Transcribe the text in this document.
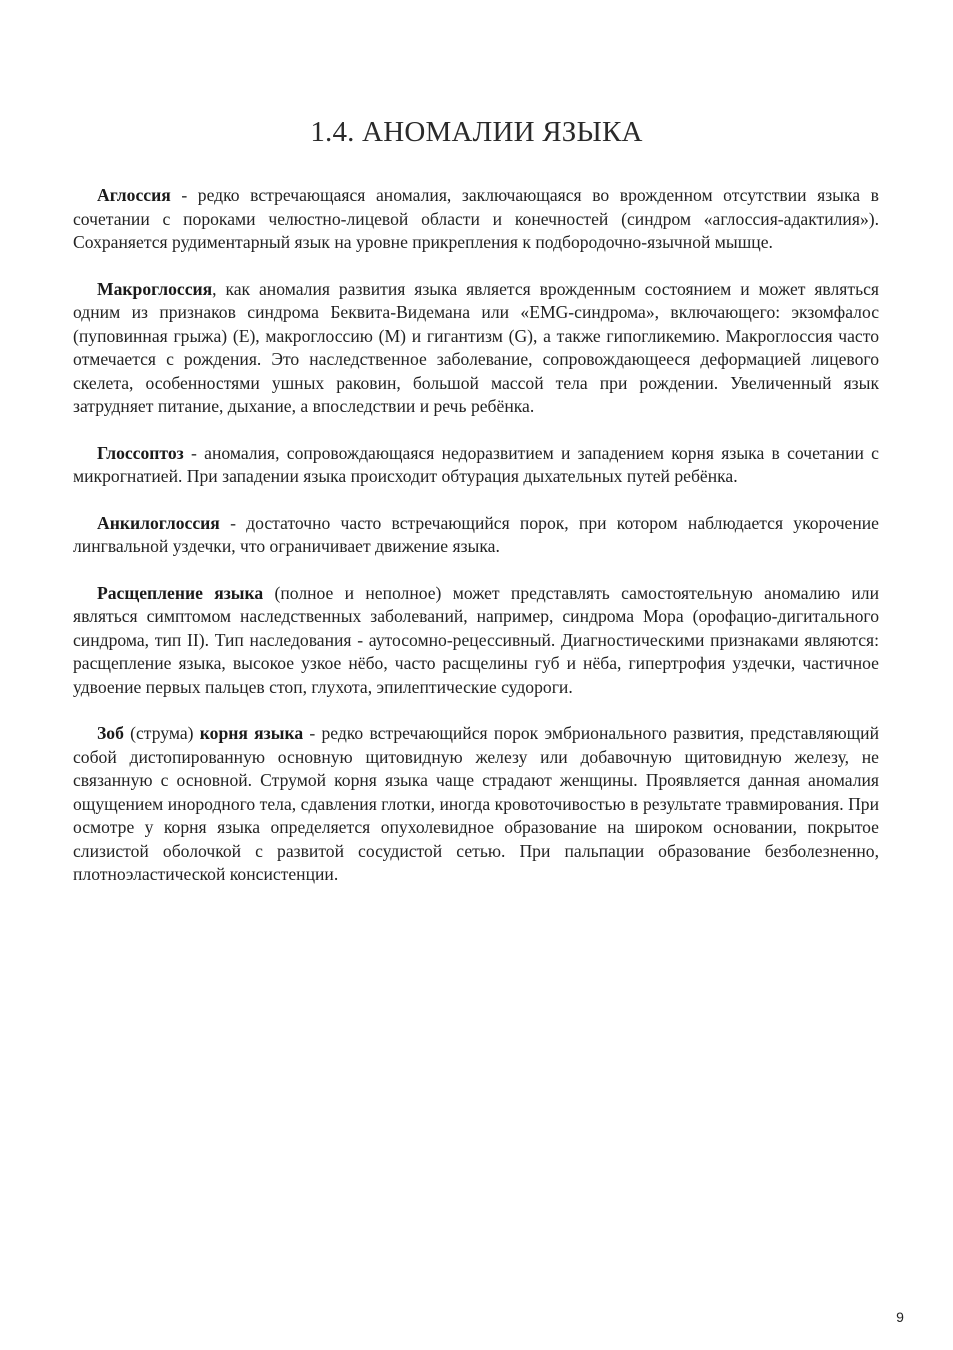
1.4. АНОМАЛИИ ЯЗЫКА

Аглоссия - редко встречающаяся аномалия, заключающаяся во врожденном отсутствии языка в сочетании с пороками челюстно-лицевой области и конечностей (синдром «аглоссия-адактилия»). Сохраняется рудиментарный язык на уровне прикрепления к подбородочно-язычной мышце.

Макроглоссия, как аномалия развития языка является врожденным состоянием и может являться одним из признаков синдрома Беквита-Видемана или «EMG-синдрома», включающего: экзомфалос (пуповинная грыжа) (E), макроглоссию (M) и гигантизм (G), а также гипогликемию. Макроглоссия часто отмечается с рождения. Это наследственное заболевание, сопровождающееся деформацией лицевого скелета, особенностями ушных раковин, большой массой тела при рождении. Увеличенный язык затрудняет питание, дыхание, а впоследствии и речь ребёнка.

Глоссоптоз - аномалия, сопровождающаяся недоразвитием и западением корня языка в сочетании с микрогнатией. При западении языка происходит обтурация дыхательных путей ребёнка.

Анкилоглоссия - достаточно часто встречающийся порок, при котором наблюдается укорочение лингвальной уздечки, что ограничивает движение языка.

Расщепление языка (полное и неполное) может представлять самостоятельную аномалию или являться симптомом наследственных заболеваний, например, синдрома Мора (орофацио-дигитального синдрома, тип II). Тип наследования - аутосомно-рецессивный. Диагностическими признаками являются: расщепление языка, высокое узкое нёбо, часто расщелины губ и нёба, гипертрофия уздечки, частичное удвоение первых пальцев стоп, глухота, эпилептические судороги.

Зоб (струма) корня языка - редко встречающийся порок эмбрионального развития, представляющий собой дистопированную основную щитовидную железу или добавочную щитовидную железу, не связанную с основной. Струмой корня языка чаще страдают женщины. Проявляется данная аномалия ощущением инородного тела, сдавления глотки, иногда кровоточивостью в результате травмирования. При осмотре у корня языка определяется опухолевидное образование на широком основании, покрытое слизистой оболочкой с развитой сосудистой сетью. При пальпации образование безболезненно, плотноэластической консистенции.

9
